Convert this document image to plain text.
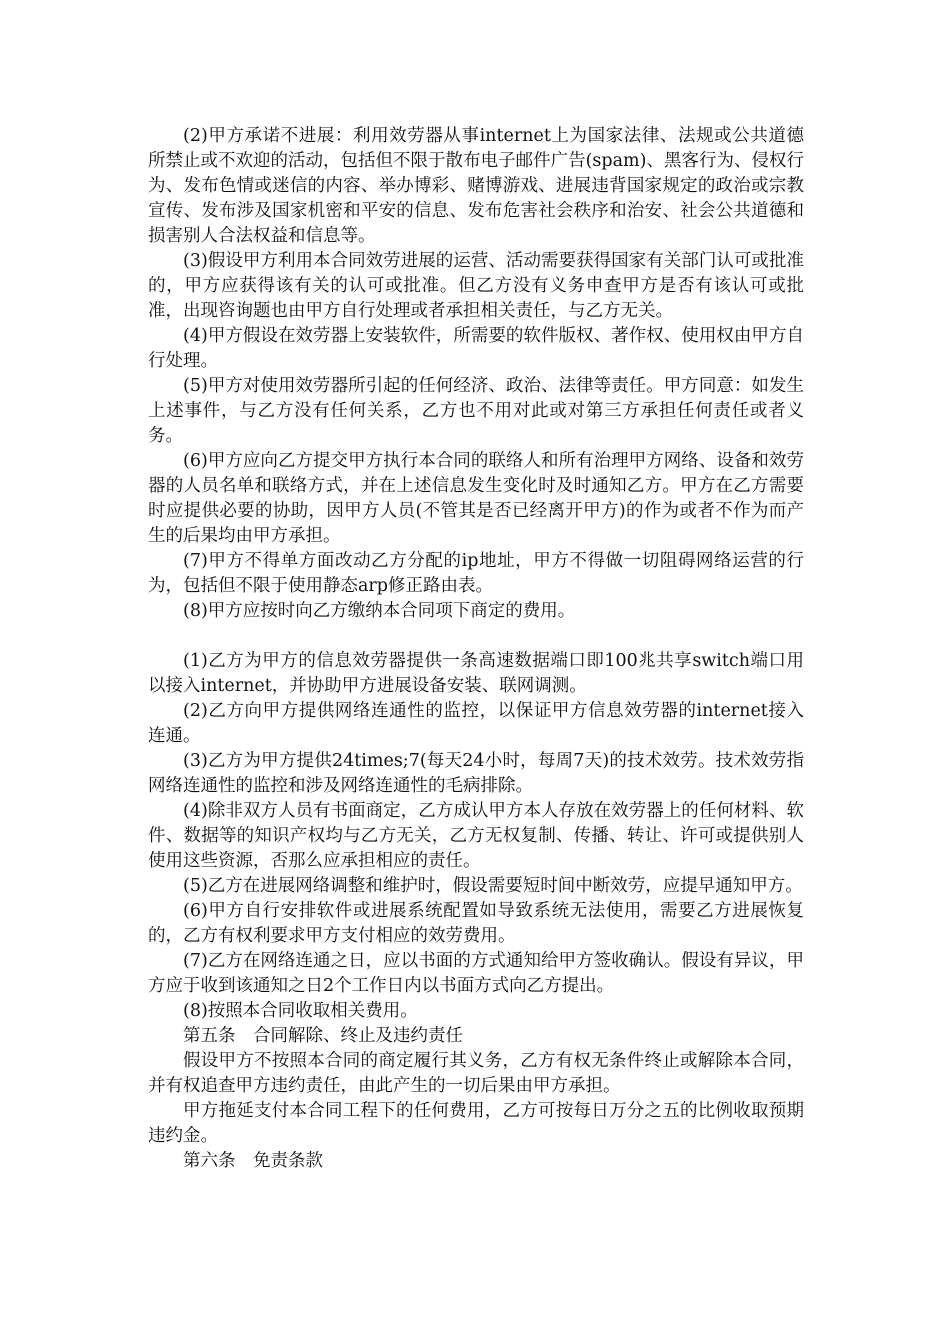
(2)甲方承诺不进展：利用效劳器从事internet上为国家法律、法规或公共道德所禁止或不欢迎的活动，包括但不限于散布电子邮件广告(spam)、黑客行为、侵权行为、发布色情或迷信的内容、举办博彩、赌博游戏、进展违背国家规定的政治或宗教宣传、发布涉及国家机密和平安的信息、发布危害社会秩序和治安、社会公共道德和损害别人合法权益和信息等。

(3)假设甲方利用本合同效劳进展的运营、活动需要获得国家有关部门认可或批准的，甲方应获得该有关的认可或批准。但乙方没有义务申查甲方是否有该认可或批准，出现咨询题也由甲方自行处理或者承担相关责任，与乙方无关。

(4)甲方假设在效劳器上安装软件，所需要的软件版权、著作权、使用权由甲方自行处理。

(5)甲方对使用效劳器所引起的任何经济、政治、法律等责任。甲方同意：如发生上述事件，与乙方没有任何关系，乙方也不用对此或对第三方承担任何责任或者义务。

(6)甲方应向乙方提交甲方执行本合同的联络人和所有治理甲方网络、设备和效劳器的人员名单和联络方式，并在上述信息发生变化时及时通知乙方。甲方在乙方需要时应提供必要的协助，因甲方人员(不管其是否已经离开甲方)的作为或者不作为而产生的后果均由甲方承担。

(7)甲方不得单方面改动乙方分配的ip地址，甲方不得做一切阻碍网络运营的行为，包括但不限于使用静态arp修正路由表。

(8)甲方应按时向乙方缴纳本合同项下商定的费用。

(1)乙方为甲方的信息效劳器提供一条高速数据端口即100兆共享switch端口用以接入internet，并协助甲方进展设备安装、联网调测。

(2)乙方向甲方提供网络连通性的监控，以保证甲方信息效劳器的internet接入连通。

(3)乙方为甲方提供24times;7(每天24小时，每周7天)的技术效劳。技术效劳指网络连通性的监控和涉及网络连通性的毛病排除。

(4)除非双方人员有书面商定，乙方成认甲方本人存放在效劳器上的任何材料、软件、数据等的知识产权均与乙方无关，乙方无权复制、传播、转让、许可或提供别人使用这些资源，否那么应承担相应的责任。

(5)乙方在进展网络调整和维护时，假设需要短时间中断效劳，应提早通知甲方。

(6)甲方自行安排软件或进展系统配置如导致系统无法使用，需要乙方进展恢复的，乙方有权利要求甲方支付相应的效劳费用。

(7)乙方在网络连通之日，应以书面的方式通知给甲方签收确认。假设有异议，甲方应于收到该通知之日2个工作日内以书面方式向乙方提出。

(8)按照本合同收取相关费用。

第五条　合同解除、终止及违约责任

假设甲方不按照本合同的商定履行其义务，乙方有权无条件终止或解除本合同，并有权追查甲方违约责任，由此产生的一切后果由甲方承担。

甲方拖延支付本合同工程下的任何费用，乙方可按每日万分之五的比例收取预期违约金。

第六条　免责条款
